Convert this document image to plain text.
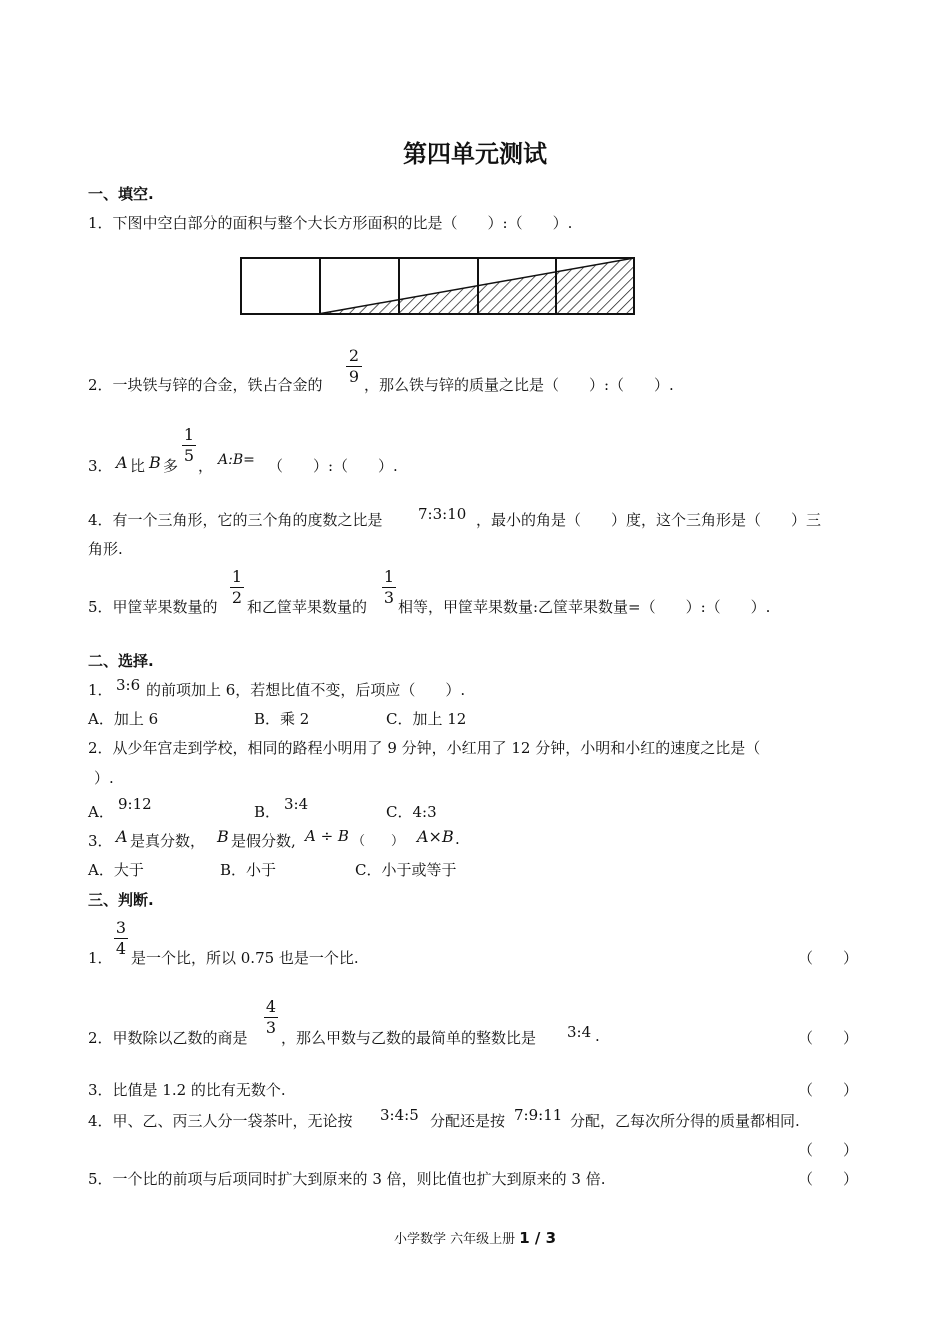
第四单元测试
一、填空.
1．下图中空白部分的面积与整个大长方形面积的比是（　　）:（　　）.
2．一块铁与锌的合金，铁占合金的
2
9 ，那么铁与锌的质量之比是（　　）:（　　）.
3． A 比 B 多
1
5
， A:B= （　　）:（　　）.
4．有一个三角形，它的三个角的度数之比是 7:3:10 ，最小的角是（　　）度，这个三角形是（　　）三
角形.
5．甲筐苹果数量的
1
2 和乙筐苹果数量的
1
3 相等，甲筐苹果数量:乙筐苹果数量=（　　）:（　　）.
二、选择.
1． 3:6 的前项加上 6，若想比值不变，后项应（　　）.
A．加上 6	B．乘 2	C．加上 12
2．从少年宫走到学校，相同的路程小明用了 9 分钟，小红用了 12 分钟，小明和小红的速度之比是（
）.
A． 9:12	B． 3:4	C．4:3
3． A 是真分数， B 是假分数, A ÷ B （　　） A×B .
A．大于	B．小于	C．小于或等于
三、判断.
1．
3
4 是一个比，所以 0.75 也是一个比.	（　　）
2．甲数除以乙数的商是
4
3
，那么甲数与乙数的最简单的整数比是 3:4 .	（　　）
3．比值是 1.2 的比有无数个.	（　　）
4．甲、乙、丙三人分一袋茶叶，无论按 3:4:5 分配还是按 7:9:11 分配，乙每次所分得的质量都相同.
（　　）
5．一个比的前项与后项同时扩大到原来的 3 倍，则比值也扩大到原来的 3 倍.	（　　）
小学数学 六年级上册 1 / 3
